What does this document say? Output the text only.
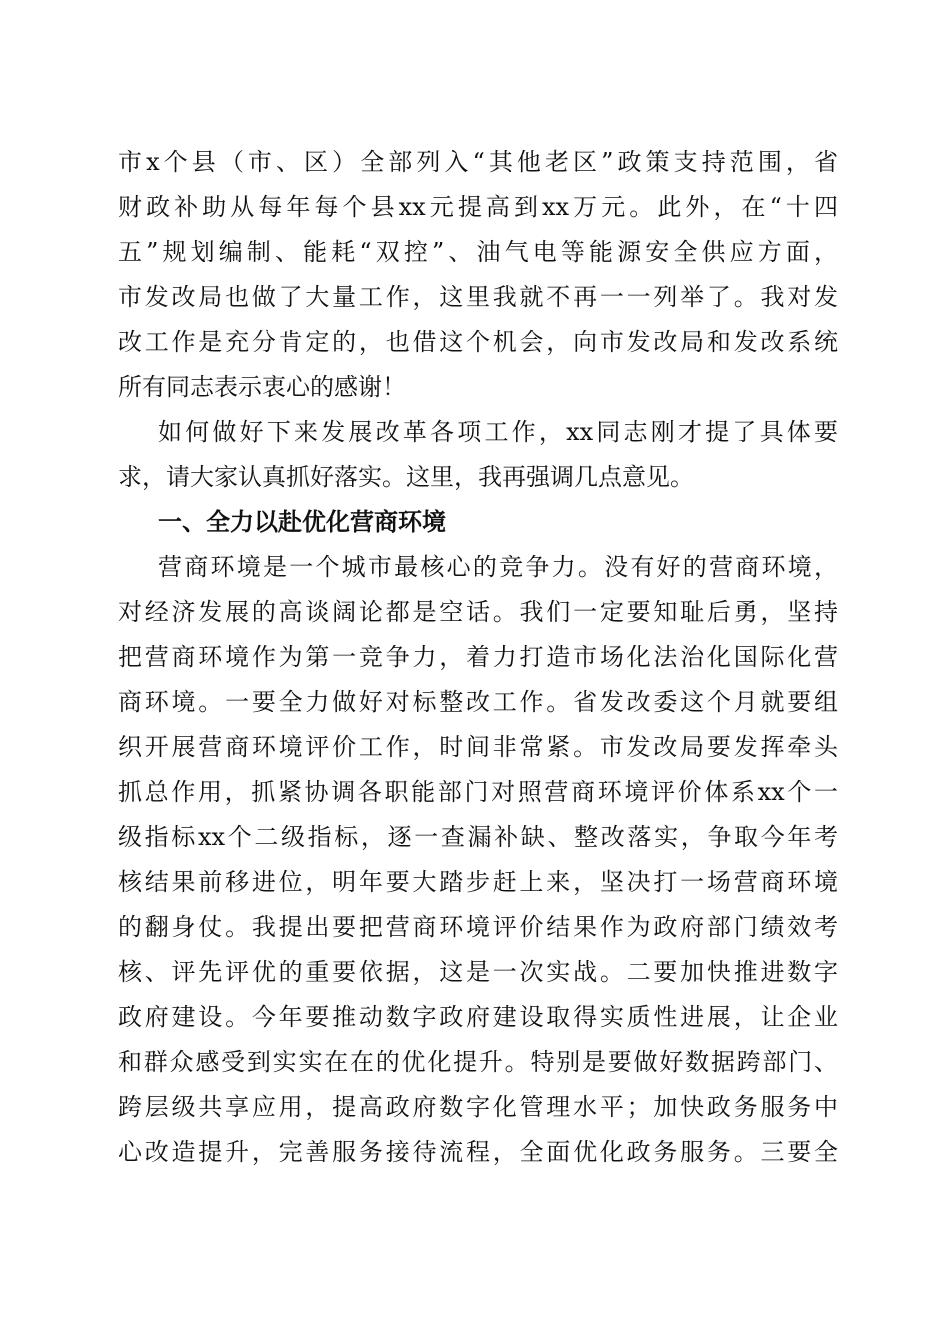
市x个县（市、区）全部列入“其他老区”政策支持范围，省
财政补助从每年每个县xx元提高到xx万元。此外，在“十四
五”规划编制、能耗“双控”、油气电等能源安全供应方面，
市发改局也做了大量工作，这里我就不再一一列举了。我对发
改工作是充分肯定的，也借这个机会，向市发改局和发改系统
所有同志表示衷心的感谢！
如何做好下来发展改革各项工作，xx同志刚才提了具体要
求，请大家认真抓好落实。这里，我再强调几点意见。
一、全力以赴优化营商环境
营商环境是一个城市最核心的竞争力。没有好的营商环境，
对经济发展的高谈阔论都是空话。我们一定要知耻后勇，坚持
把营商环境作为第一竞争力，着力打造市场化法治化国际化营
商环境。一要全力做好对标整改工作。省发改委这个月就要组
织开展营商环境评价工作，时间非常紧。市发改局要发挥牵头
抓总作用，抓紧协调各职能部门对照营商环境评价体系xx个一
级指标xx个二级指标，逐一查漏补缺、整改落实，争取今年考
核结果前移进位，明年要大踏步赶上来，坚决打一场营商环境
的翻身仗。我提出要把营商环境评价结果作为政府部门绩效考
核、评先评优的重要依据，这是一次实战。二要加快推进数字
政府建设。今年要推动数字政府建设取得实质性进展，让企业
和群众感受到实实在在的优化提升。特别是要做好数据跨部门、
跨层级共享应用，提高政府数字化管理水平；加快政务服务中
心改造提升，完善服务接待流程，全面优化政务服务。三要全
